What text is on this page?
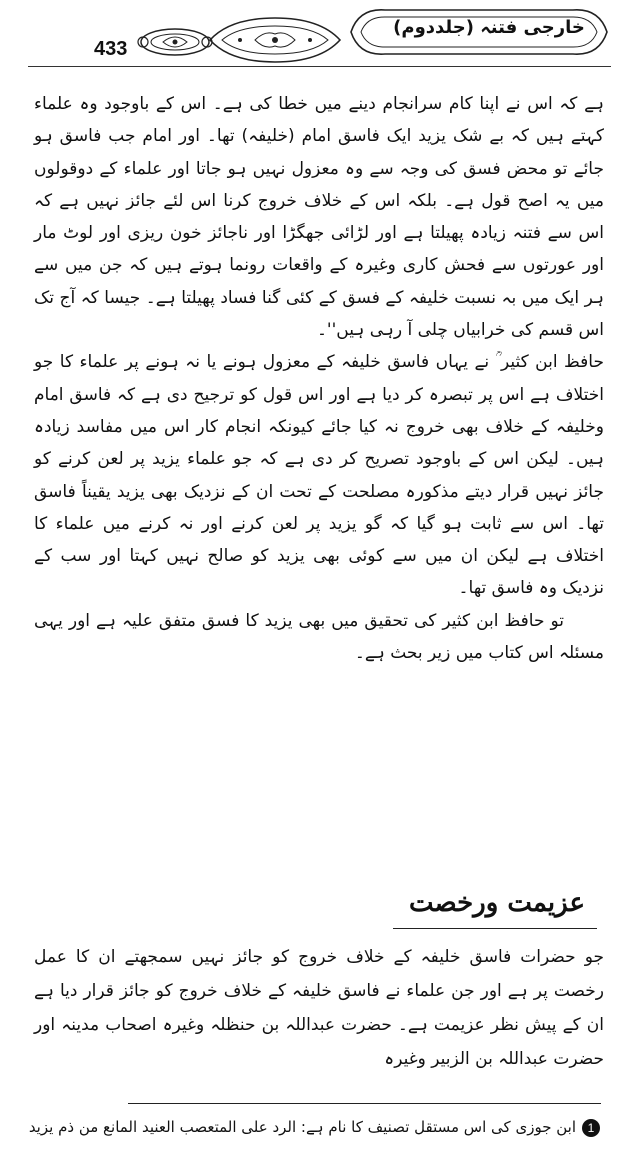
433
خارجی فتنہ (جلددوم)

ہے کہ اس نے اپنا کام سرانجام دینے میں خطا کی ہے۔ اس کے باوجود وہ علماء کہتے ہیں کہ بے شک یزید ایک فاسق امام (خلیفہ) تھا۔ اور امام جب فاسق ہو جائے تو محض فسق کی وجہ سے وہ معزول نہیں ہو جاتا اور علماء کے دوقولوں میں یہ اصح قول ہے۔ بلکہ اس کے خلاف خروج کرنا اس لئے جائز نہیں ہے کہ اس سے فتنہ زیادہ پھیلتا ہے اور لڑائی جھگڑا اور ناجائز خون ریزی اور لوٹ مار اور عورتوں سے فحش کاری وغیرہ کے واقعات رونما ہوتے ہیں کہ جن میں سے ہر ایک میں بہ نسبت خلیفہ کے فسق کے کئی گنا فساد پھیلتا ہے۔ جیسا کہ آج تک اس قسم کی خرابیاں چلی آ رہی ہیں''۔

حافظ ابن کثیر ؒ نے یہاں فاسق خلیفہ کے معزول ہونے یا نہ ہونے پر علماء کا جو اختلاف ہے اس پر تبصرہ کر دیا ہے اور اس قول کو ترجیح دی ہے کہ فاسق امام وخلیفہ کے خلاف بھی خروج نہ کیا جائے کیونکہ انجام کار اس میں مفاسد زیادہ ہیں۔ لیکن اس کے باوجود تصریح کر دی ہے کہ جو علماء یزید پر لعن کرنے کو جائز نہیں قرار دیتے مذکورہ مصلحت کے تحت ان کے نزدیک بھی یزید یقیناً فاسق تھا۔ اس سے ثابت ہو گیا کہ گو یزید پر لعن کرنے اور نہ کرنے میں علماء کا اختلاف ہے لیکن ان میں سے کوئی بھی یزید کو صالح نہیں کہتا اور سب کے نزدیک وہ فاسق تھا۔

تو حافظ ابن کثیر کی تحقیق میں بھی یزید کا فسق متفق علیہ ہے اور یہی مسئلہ اس کتاب میں زیر بحث ہے۔

عزیمت ورخصت
جو حضرات فاسق خلیفہ کے خلاف خروج کو جائز نہیں سمجھتے ان کا عمل رخصت پر ہے اور جن علماء نے فاسق خلیفہ کے خلاف خروج کو جائز قرار دیا ہے ان کے پیش نظر عزیمت ہے۔ حضرت عبداللہ بن حنظلہ وغیرہ اصحاب مدینہ اور حضرت عبداللہ بن الزبیر وغیرہ
1ابن جوزی کی اس مستقل تصنیف کا نام ہے: الرد علی المتعصب العنید المانع من ذم یزید
